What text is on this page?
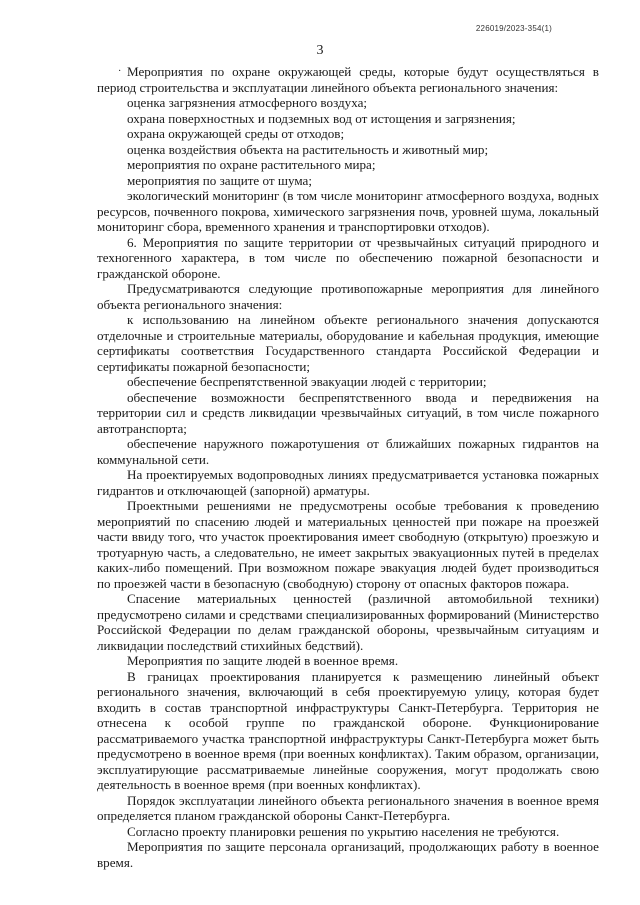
226019/2023-354(1)
3
· Мероприятия по охране окружающей среды, которые будут осуществляться в период строительства и эксплуатации линейного объекта регионального значения:

оценка загрязнения атмосферного воздуха;

охрана поверхностных и подземных вод от истощения и загрязнения;

охрана окружающей среды от отходов;

оценка воздействия объекта на растительность и животный мир;

мероприятия по охране растительного мира;

мероприятия по защите от шума;

экологический мониторинг (в том числе мониторинг атмосферного воздуха, водных ресурсов, почвенного покрова, химического загрязнения почв, уровней шума, локальный мониторинг сбора, временного хранения и транспортировки отходов).

6. Мероприятия по защите территории от чрезвычайных ситуаций природного и техногенного характера, в том числе по обеспечению пожарной безопасности и гражданской обороне.

Предусматриваются следующие противопожарные мероприятия для линейного объекта регионального значения:

к использованию на линейном объекте регионального значения допускаются отделочные и строительные материалы, оборудование и кабельная продукция, имеющие сертификаты соответствия Государственного стандарта Российской Федерации и сертификаты пожарной безопасности;

обеспечение беспрепятственной эвакуации людей с территории;

обеспечение возможности беспрепятственного ввода и передвижения на территории сил и средств ликвидации чрезвычайных ситуаций, в том числе пожарного автотранспорта;

обеспечение наружного пожаротушения от ближайших пожарных гидрантов на коммунальной сети.

На проектируемых водопроводных линиях предусматривается установка пожарных гидрантов и отключающей (запорной) арматуры.

Проектными решениями не предусмотрены особые требования к проведению мероприятий по спасению людей и материальных ценностей при пожаре на проезжей части ввиду того, что участок проектирования имеет свободную (открытую) проезжую и тротуарную часть, а следовательно, не имеет закрытых эвакуационных путей в пределах каких-либо помещений. При возможном пожаре эвакуация людей будет производиться по проезжей части в безопасную (свободную) сторону от опасных факторов пожара.

Спасение материальных ценностей (различной автомобильной техники) предусмотрено силами и средствами специализированных формирований (Министерство Российской Федерации по делам гражданской обороны, чрезвычайным ситуациям и ликвидации последствий стихийных бедствий).

Мероприятия по защите людей в военное время.

В границах проектирования планируется к размещению линейный объект регионального значения, включающий в себя проектируемую улицу, которая будет входить в состав транспортной инфраструктуры Санкт-Петербурга. Территория не отнесена к особой группе по гражданской обороне. Функционирование рассматриваемого участка транспортной инфраструктуры Санкт-Петербурга может быть предусмотрено в военное время (при военных конфликтах). Таким образом, организации, эксплуатирующие рассматриваемые линейные сооружения, могут продолжать свою деятельность в военное время (при военных конфликтах).

Порядок эксплуатации линейного объекта регионального значения в военное время определяется планом гражданской обороны Санкт-Петербурга.

Согласно проекту планировки решения по укрытию населения не требуются.

Мероприятия по защите персонала организаций, продолжающих работу в военное время.
